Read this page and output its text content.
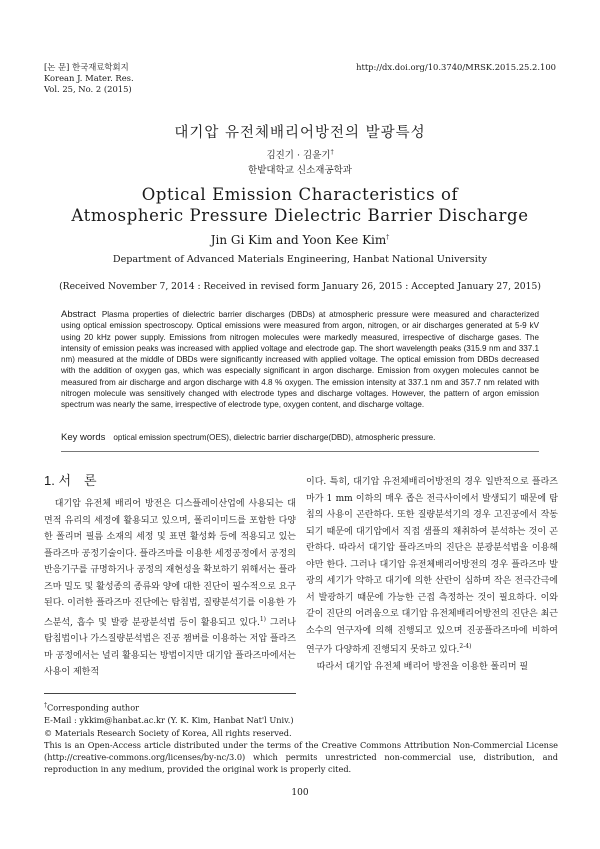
[논 문] 한국재료학회지
Korean J. Mater. Res.
Vol. 25, No. 2 (2015)
http://dx.doi.org/10.3740/MRSK.2015.25.2.100
대기압 유전체배리어방전의 발광특성
김진기 · 김윤기†
한밭대학교 신소재공학과
Optical Emission Characteristics of
Atmospheric Pressure Dielectric Barrier Discharge
Jin Gi Kim and Yoon Kee Kim†
Department of Advanced Materials Engineering, Hanbat National University
(Received November 7, 2014 : Received in revised form January 26, 2015 : Accepted January 27, 2015)
Abstract Plasma properties of dielectric barrier discharges (DBDs) at atmospheric pressure were measured and characterized using optical emission spectroscopy. Optical emissions were measured from argon, nitrogen, or air discharges generated at 5-9 kV using 20 kHz power supply. Emissions from nitrogen molecules were markedly measured, irrespective of discharge gases. The intensity of emission peaks was increased with applied voltage and electrode gap. The short wavelength peaks (315.9 nm and 337.1 nm) measured at the middle of DBDs were significantly increased with applied voltage. The optical emission from DBDs decreased with the addition of oxygen gas, which was especially significant in argon discharge. Emission from oxygen molecules cannot be measured from air discharge and argon discharge with 4.8 % oxygen. The emission intensity at 337.1 nm and 357.7 nm related with nitrogen molecule was sensitively changed with electrode types and discharge voltages. However, the pattern of argon emission spectrum was nearly the same, irrespective of electrode type, oxygen content, and discharge voltage.
Key words optical emission spectrum(OES), dielectric barrier discharge(DBD), atmospheric pressure.
1. 서　론

대기압 유전체 배리어 방전은 디스플레이산업에 사용되는 대면적 유리의 세정에 활용되고 있으며, 폴리이미드를 포함한 다양한 폴리머 필름 소재의 세정 및 표면 활성화 등에 적용되고 있는 플라즈마 공정기술이다. 플라즈마를 이용한 세정공정에서 공정의 반응기구를 규명하거나 공정의 재현성을 확보하기 위해서는 플라즈마 밀도 및 활성종의 종류와 양에 대한 진단이 필수적으로 요구된다. 이러한 플라즈마 진단에는 탐침법, 질량분석기를 이용한 가스분석, 흡수 및 발광 분광분석법 등이 활용되고 있다.$^{1)}$ 그러나 탐침법이나 가스질량분석법은 진공 챔버를 이용하는 저압 플라즈마 공정에서는 널리 활용되는 방법이지만 대기압 플라즈마에서는 사용이 제한적

이다. 특히, 대기압 유전체배리어방전의 경우 일반적으로 플라즈마가 1 mm 이하의 매우 좁은 전극사이에서 발생되기 때문에 탐침의 사용이 곤란하다. 또한 질량분석기의 경우 고진공에서 작동되기 때문에 대기압에서 직접 샘플의 채취하여 분석하는 것이 곤란하다. 따라서 대기압 플라즈마의 진단은 분광분석법을 이용해야만 한다. 그러나 대기압 유전체배리어방전의 경우 플라즈마 발광의 세기가 약하고 대기에 의한 산란이 심하며 작은 전극간극에서 발광하기 때문에 가능한 근접 측정하는 것이 필요하다. 이와 같이 진단의 어려움으로 대기압 유전체배리어방전의 진단은 최근 소수의 연구자에 의해 진행되고 있으며 진공플라즈마에 비하여 연구가 다양하게 진행되지 못하고 있다.$^{2-4)}$

따라서 대기압 유전체 배리어 방전을 이용한 폴리머 필

†Corresponding author
E-Mail : ykkim@hanbat.ac.kr (Y. K. Kim, Hanbat Nat'l Univ.)
© Materials Research Society of Korea, All rights reserved.
This is an Open-Access article distributed under the terms of the Creative Commons Attribution Non-Commercial License (http://creative-commons.org/licenses/by-nc/3.0) which permits unrestricted non-commercial use, distribution, and reproduction in any medium, provided the original work is properly cited.
100
